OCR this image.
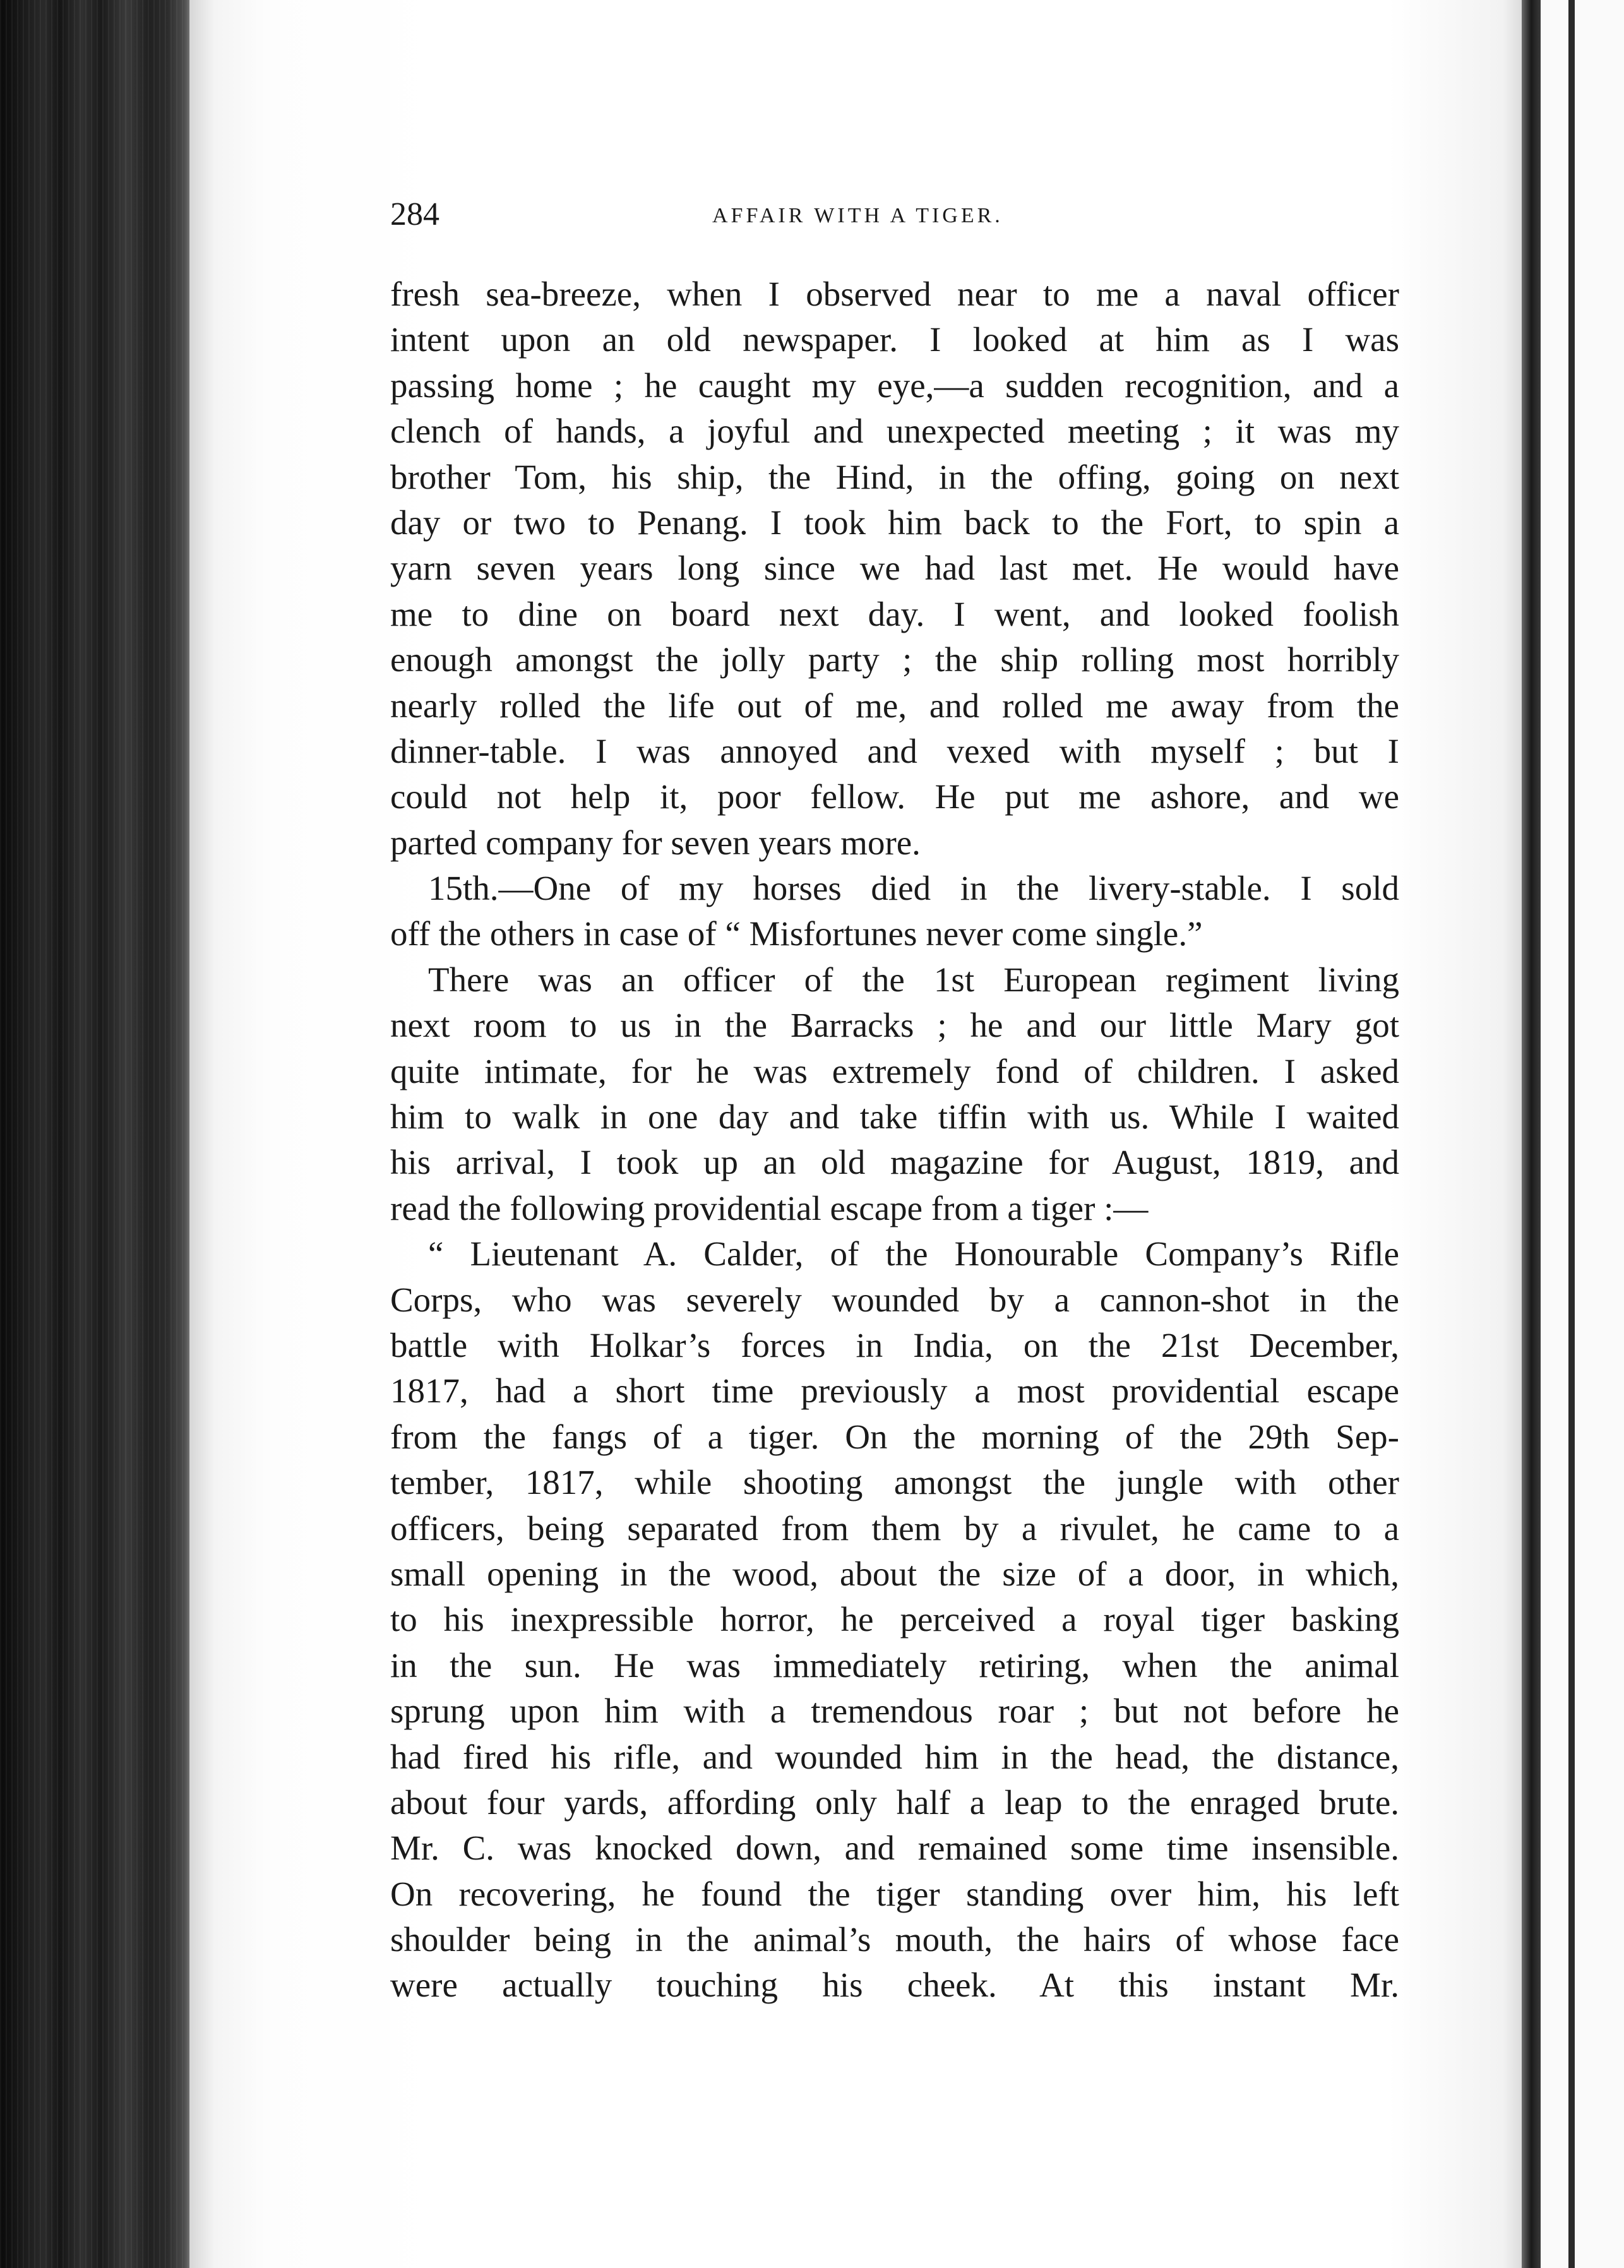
284	AFFAIR WITH A TIGER.
fresh sea-breeze, when I observed near to me a naval officer
intent upon an old newspaper. I looked at him as I was
passing home ; he caught my eye,—a sudden recognition, and a
clench of hands, a joyful and unexpected meeting ; it was my
brother Tom, his ship, the Hind, in the offing, going on next
day or two to Penang. I took him back to the Fort, to spin a
yarn seven years long since we had last met. He would have
me to dine on board next day. I went, and looked foolish
enough amongst the jolly party ; the ship rolling most horribly
nearly rolled the life out of me, and rolled me away from the
dinner-table. I was annoyed and vexed with myself ; but I
could not help it, poor fellow. He put me ashore, and we
parted company for seven years more.
15th.—One of my horses died in the livery-stable. I sold
off the others in case of “ Misfortunes never come single.”
There was an officer of the 1st European regiment living
next room to us in the Barracks ; he and our little Mary got
quite intimate, for he was extremely fond of children. I asked
him to walk in one day and take tiffin with us. While I waited
his arrival, I took up an old magazine for August, 1819, and
read the following providential escape from a tiger :—
“ Lieutenant A. Calder, of the Honourable Company’s Rifle
Corps, who was severely wounded by a cannon-shot in the
battle with Holkar’s forces in India, on the 21st December,
1817, had a short time previously a most providential escape
from the fangs of a tiger. On the morning of the 29th Sep-
tember, 1817, while shooting amongst the jungle with other
officers, being separated from them by a rivulet, he came to a
small opening in the wood, about the size of a door, in which,
to his inexpressible horror, he perceived a royal tiger basking
in the sun. He was immediately retiring, when the animal
sprung upon him with a tremendous roar ; but not before he
had fired his rifle, and wounded him in the head, the distance,
about four yards, affording only half a leap to the enraged brute.
Mr. C. was knocked down, and remained some time insensible.
On recovering, he found the tiger standing over him, his left
shoulder being in the animal’s mouth, the hairs of whose face
were actually touching his cheek. At this instant Mr.
